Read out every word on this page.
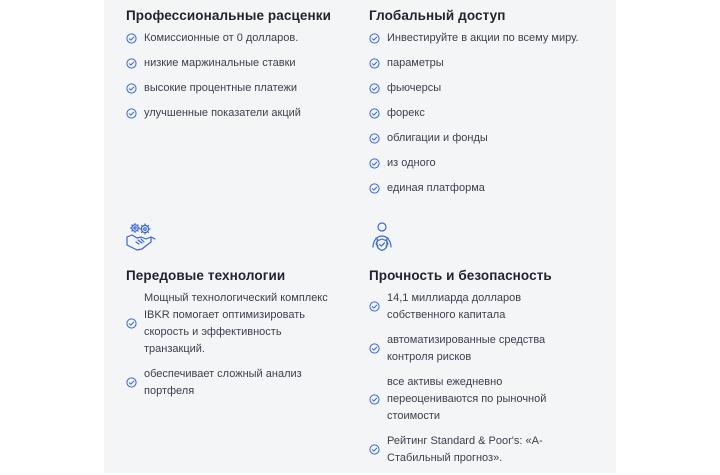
Профессиональные расценки
Комиссионные от 0 долларов.
низкие маржинальные ставки
высокие процентные платежи
улучшенные показатели акций
Глобальный доступ
Инвестируйте в акции по всему миру.
параметры
фьючерсы
форекс
облигации и фонды
из одного
единая платформа
Передовые технологии
Мощный технологический комплекс
IBKR помогает оптимизировать
скорость и эффективность
транзакций.
обеспечивает сложный анализ
портфеля
Прочность и безопасность
14,1 миллиарда долларов
собственного капитала
автоматизированные средства
контроля рисков
все активы ежедневно
переоцениваются по рыночной
стоимости
Рейтинг Standard & Poor's: «A-
Стабильный прогноз».
